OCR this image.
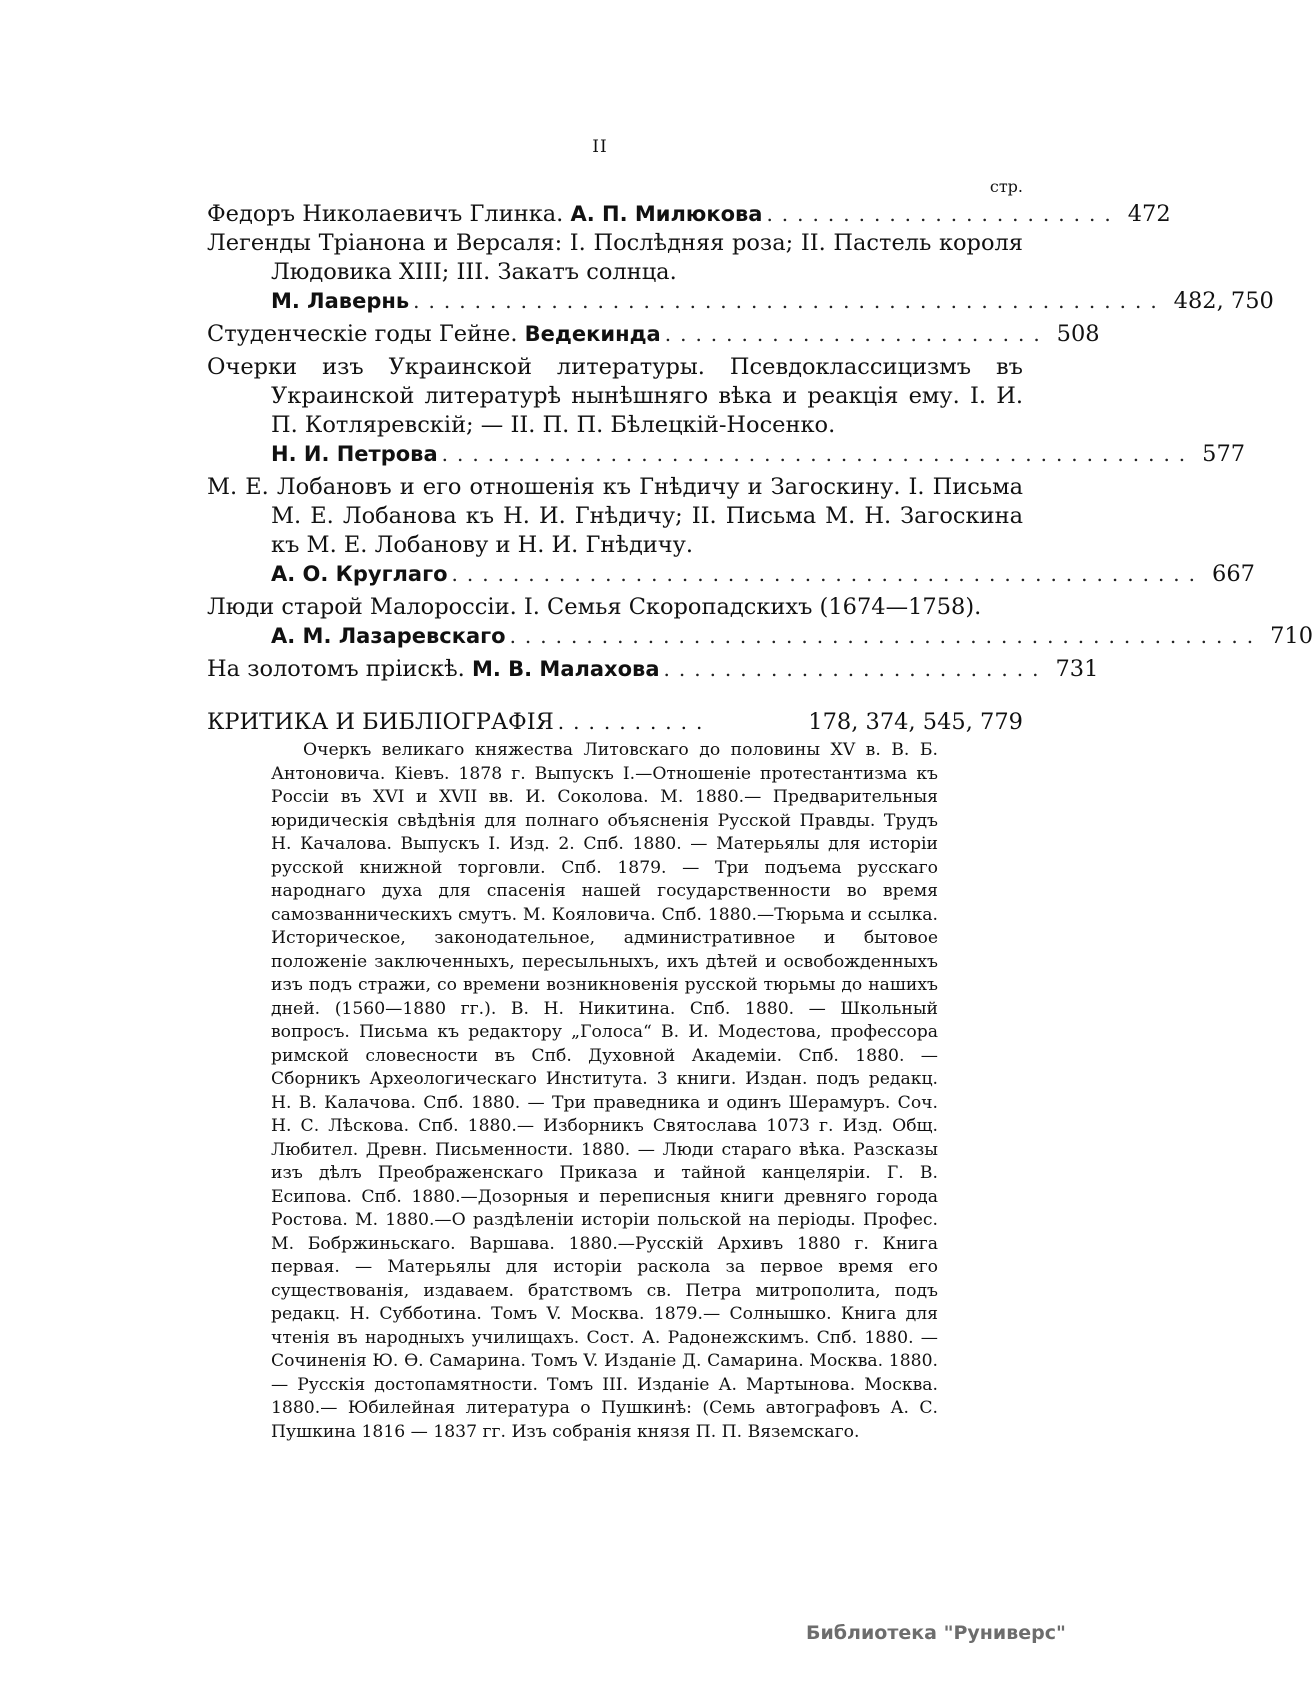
II
стр.
Федоръ Николаевичъ Глинка.
А. П. Милюкова ....................... 472
Легенды Тріанона и Версаля: І. Послѣдняя роза; II. Пастель короля Людовика XIII; III. Закатъ солнца.
М. Лавернь ................................................. 482, 750
Студенческіе годы Гейне.
Ведекинда ......................... 508
Очерки изъ Украинской литературы. Псевдоклассицизмъ въ Украинской литературѣ нынѣшняго вѣка и реакція ему. I. И. П. Котляревскій; — II. П. П. Бѣлецкій-Носенко.
Н. И. Петрова ................................................. 577
М. Е. Лобановъ и его отношенія къ Гнѣдичу и Загоскину. I. Письма М. Е. Лобанова къ Н. И. Гнѣдичу; II. Письма М. Н. Загоскина къ М. Е. Лобанову и Н. И. Гнѣдичу.
А. О. Круглаго ................................................. 667
Люди старой Малороссіи. I. Семья Скоропадскихъ (1674—1758).
А. М. Лазаревскаго ................................................. 710
На золотомъ пріискѣ.
М. В. Малахова ......................... 731
КРИТИКА И БИБЛІОГРАФІЯ ..........	178, 374, 545, 779

Очеркъ великаго княжества Литовскаго до половины XV в. В. Б. Антоновича. Кіевъ. 1878 г. Выпускъ I.—Отношеніе протестантизма къ Россіи въ XVI и XVII вв. И. Соколова. М. 1880.— Предварительныя юридическія свѣдѣнія для полнаго объясненія Русской Правды. Трудъ Н. Качалова. Выпускъ I. Изд. 2. Спб. 1880. — Матерьялы для исторіи русской книжной торговли. Спб. 1879. — Три подъема русскаго народнаго духа для спасенія нашей государственности во время самозванническихъ смутъ. М. Кояловича. Спб. 1880.—Тюрьма и ссылка. Историческое, законодательное, административное и бытовое положеніе заключенныхъ, пересыльныхъ, ихъ дѣтей и освобожденныхъ изъ подъ стражи, со времени возникновенія русской тюрьмы до нашихъ дней. (1560—1880 гг.). В. Н. Никитина. Спб. 1880. — Школьный вопросъ. Письма къ редактору „Голоса“ В. И. Модестова, профессора римской словесности въ Спб. Духовной Академіи. Спб. 1880. — Сборникъ Археологическаго Института. 3 книги. Издан. подъ редакц. Н. В. Калачова. Спб. 1880. — Три праведника и одинъ Шерамуръ. Соч. Н. С. Лѣскова. Спб. 1880.— Изборникъ Святослава 1073 г. Изд. Общ. Любител. Древн. Письменности. 1880. — Люди стараго вѣка. Разсказы изъ дѣлъ Преображенскаго Приказа и тайной канцеляріи. Г. В. Есипова. Спб. 1880.—Дозорныя и переписныя книги древняго города Ростова. М. 1880.—О раздѣленіи исторіи польской на періоды. Профес. М. Бобржиньскаго. Варшава. 1880.—Русскій Архивъ 1880 г. Книга первая. — Матерьялы для исторіи раскола за первое время его существованія, издаваем. братствомъ св. Петра митрополита, подъ редакц. Н. Субботина. Томъ V. Москва. 1879.— Солнышко. Книга для чтенія въ народныхъ училищахъ. Сост. А. Радонежскимъ. Спб. 1880. — Сочиненія Ю. Ѳ. Самарина. Томъ V. Изданіе Д. Самарина. Москва. 1880. — Русскія достопамятности. Томъ III. Изданіе А. Мартынова. Москва. 1880.— Юбилейная литература о Пушкинѣ: (Семь автографовъ А. С. Пушкина 1816 — 1837 гг. Изъ собранія князя П. П. Вяземскаго.

Библиотека "Руниверс"
